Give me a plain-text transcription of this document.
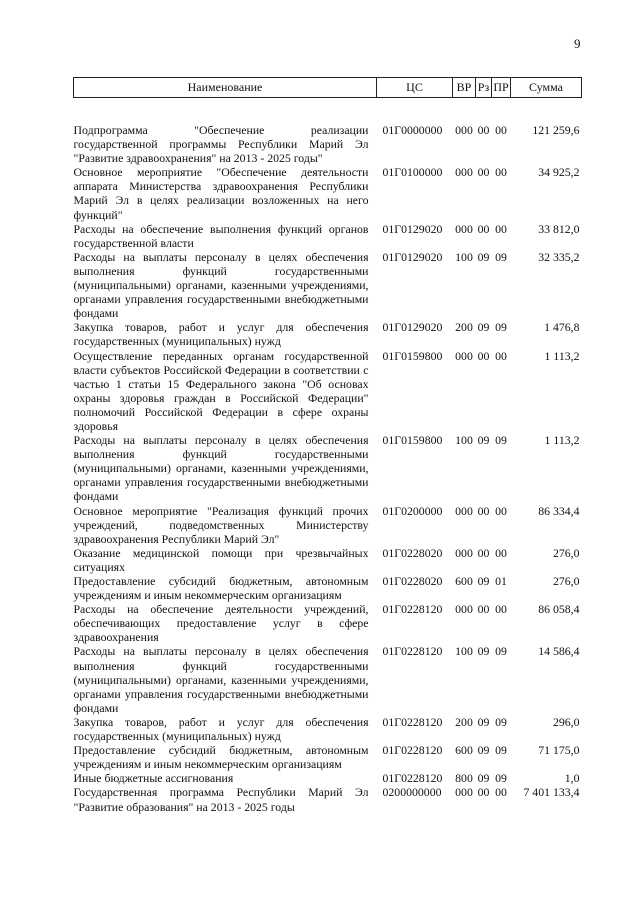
9
Наименование	ЦС	ВР	Рз	ПР	Сумма
Подпрограмма "Обеспечение реализации государственной программы Республики Марий Эл "Развитие здравоохранения" на 2013 - 2025 годы"	01Г0000000	000	00	00	121 259,6
Основное мероприятие "Обеспечение деятельности аппарата Министерства здравоохранения Республики Марий Эл в целях реализации возложенных на него функций"	01Г0100000	000	00	00	34 925,2
Расходы на обеспечение выполнения функций органов государственной власти	01Г0129020	000	00	00	33 812,0
Расходы на выплаты персоналу в целях обеспечения выполнения функций государственными (муниципальными) органами, казенными учреждениями, органами управления государственными внебюджетными фондами	01Г0129020	100	09	09	32 335,2
Закупка товаров, работ и услуг для обеспечения государственных (муниципальных) нужд	01Г0129020	200	09	09	1 476,8
Осуществление переданных органам государственной власти субъектов Российской Федерации в соответствии с частью 1 статьи 15 Федерального закона "Об основах охраны здоровья граждан в Российской Федерации" полномочий Российской Федерации в сфере охраны здоровья	01Г0159800	000	00	00	1 113,2
Расходы на выплаты персоналу в целях обеспечения выполнения функций государственными (муниципальными) органами, казенными учреждениями, органами управления государственными внебюджетными фондами	01Г0159800	100	09	09	1 113,2
Основное мероприятие "Реализация функций прочих учреждений, подведомственных Министерству здравоохранения Республики Марий Эл"	01Г0200000	000	00	00	86 334,4
Оказание медицинской помощи при чрезвычайных ситуациях	01Г0228020	000	00	00	276,0
Предоставление субсидий бюджетным, автономным учреждениям и иным некоммерческим организациям	01Г0228020	600	09	01	276,0
Расходы на обеспечение деятельности учреждений, обеспечивающих предоставление услуг в сфере здравоохранения	01Г0228120	000	00	00	86 058,4
Расходы на выплаты персоналу в целях обеспечения выполнения функций государственными (муниципальными) органами, казенными учреждениями, органами управления государственными внебюджетными фондами	01Г0228120	100	09	09	14 586,4
Закупка товаров, работ и услуг для обеспечения государственных (муниципальных) нужд	01Г0228120	200	09	09	296,0
Предоставление субсидий бюджетным, автономным учреждениям и иным некоммерческим организациям	01Г0228120	600	09	09	71 175,0
Иные бюджетные ассигнования	01Г0228120	800	09	09	1,0
Государственная программа Республики Марий Эл "Развитие образования" на 2013 - 2025 годы	0200000000	000	00	00	7 401 133,4
